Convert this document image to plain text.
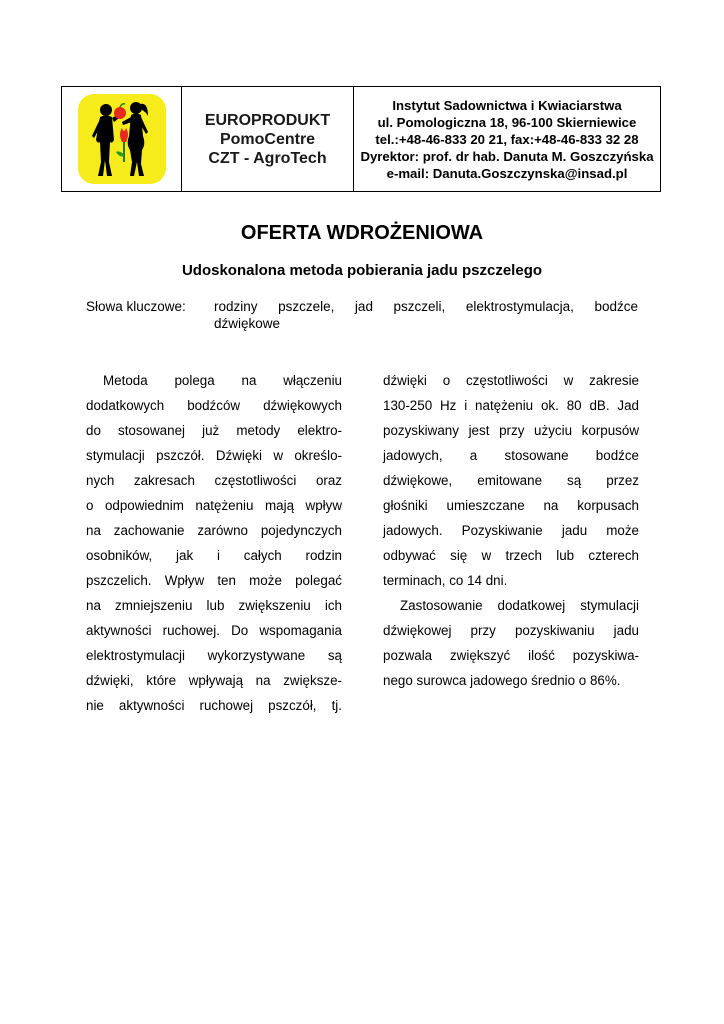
EUROPRODUKT
PomoCentre
CZT - AgroTech
Instytut Sadownictwa i Kwiaciarstwa
ul. Pomologiczna 18, 96-100 Skierniewice
tel.:+48-46-833 20 21, fax:+48-46-833 32 28
Dyrektor: prof. dr hab. Danuta M. Goszczyńska
e-mail: Danuta.Goszczynska@insad.pl
OFERTA WDROŻENIOWA
Udoskonalona metoda pobierania jadu pszczelego
Słowa kluczowe:	rodziny pszczele, jad pszczeli, elektrostymulacja, bodźce
dźwiękowe
Metoda polega na włączeniu
dodatkowych bodźców dźwiękowych
do stosowanej już metody elektro-
stymulacji pszczół. Dźwięki w określo-
nych zakresach częstotliwości oraz
o odpowiednim natężeniu mają wpływ
na zachowanie zarówno pojedynczych
osobników, jak i całych rodzin
pszczelich. Wpływ ten może polegać
na zmniejszeniu lub zwiększeniu ich
aktywności ruchowej. Do wspomagania
elektrostymulacji wykorzystywane są
dźwięki, które wpływają na zwiększe-
nie aktywności ruchowej pszczół, tj.
dźwięki o częstotliwości w zakresie
130-250 Hz i natężeniu ok. 80 dB. Jad
pozyskiwany jest przy użyciu korpusów
jadowych, a stosowane bodźce
dźwiękowe, emitowane są przez
głośniki umieszczane na korpusach
jadowych. Pozyskiwanie jadu może
odbywać się w trzech lub czterech
terminach, co 14 dni.
Zastosowanie dodatkowej stymulacji
dźwiękowej przy pozyskiwaniu jadu
pozwala zwiększyć ilość pozyskiwa-
nego surowca jadowego średnio o 86%.
